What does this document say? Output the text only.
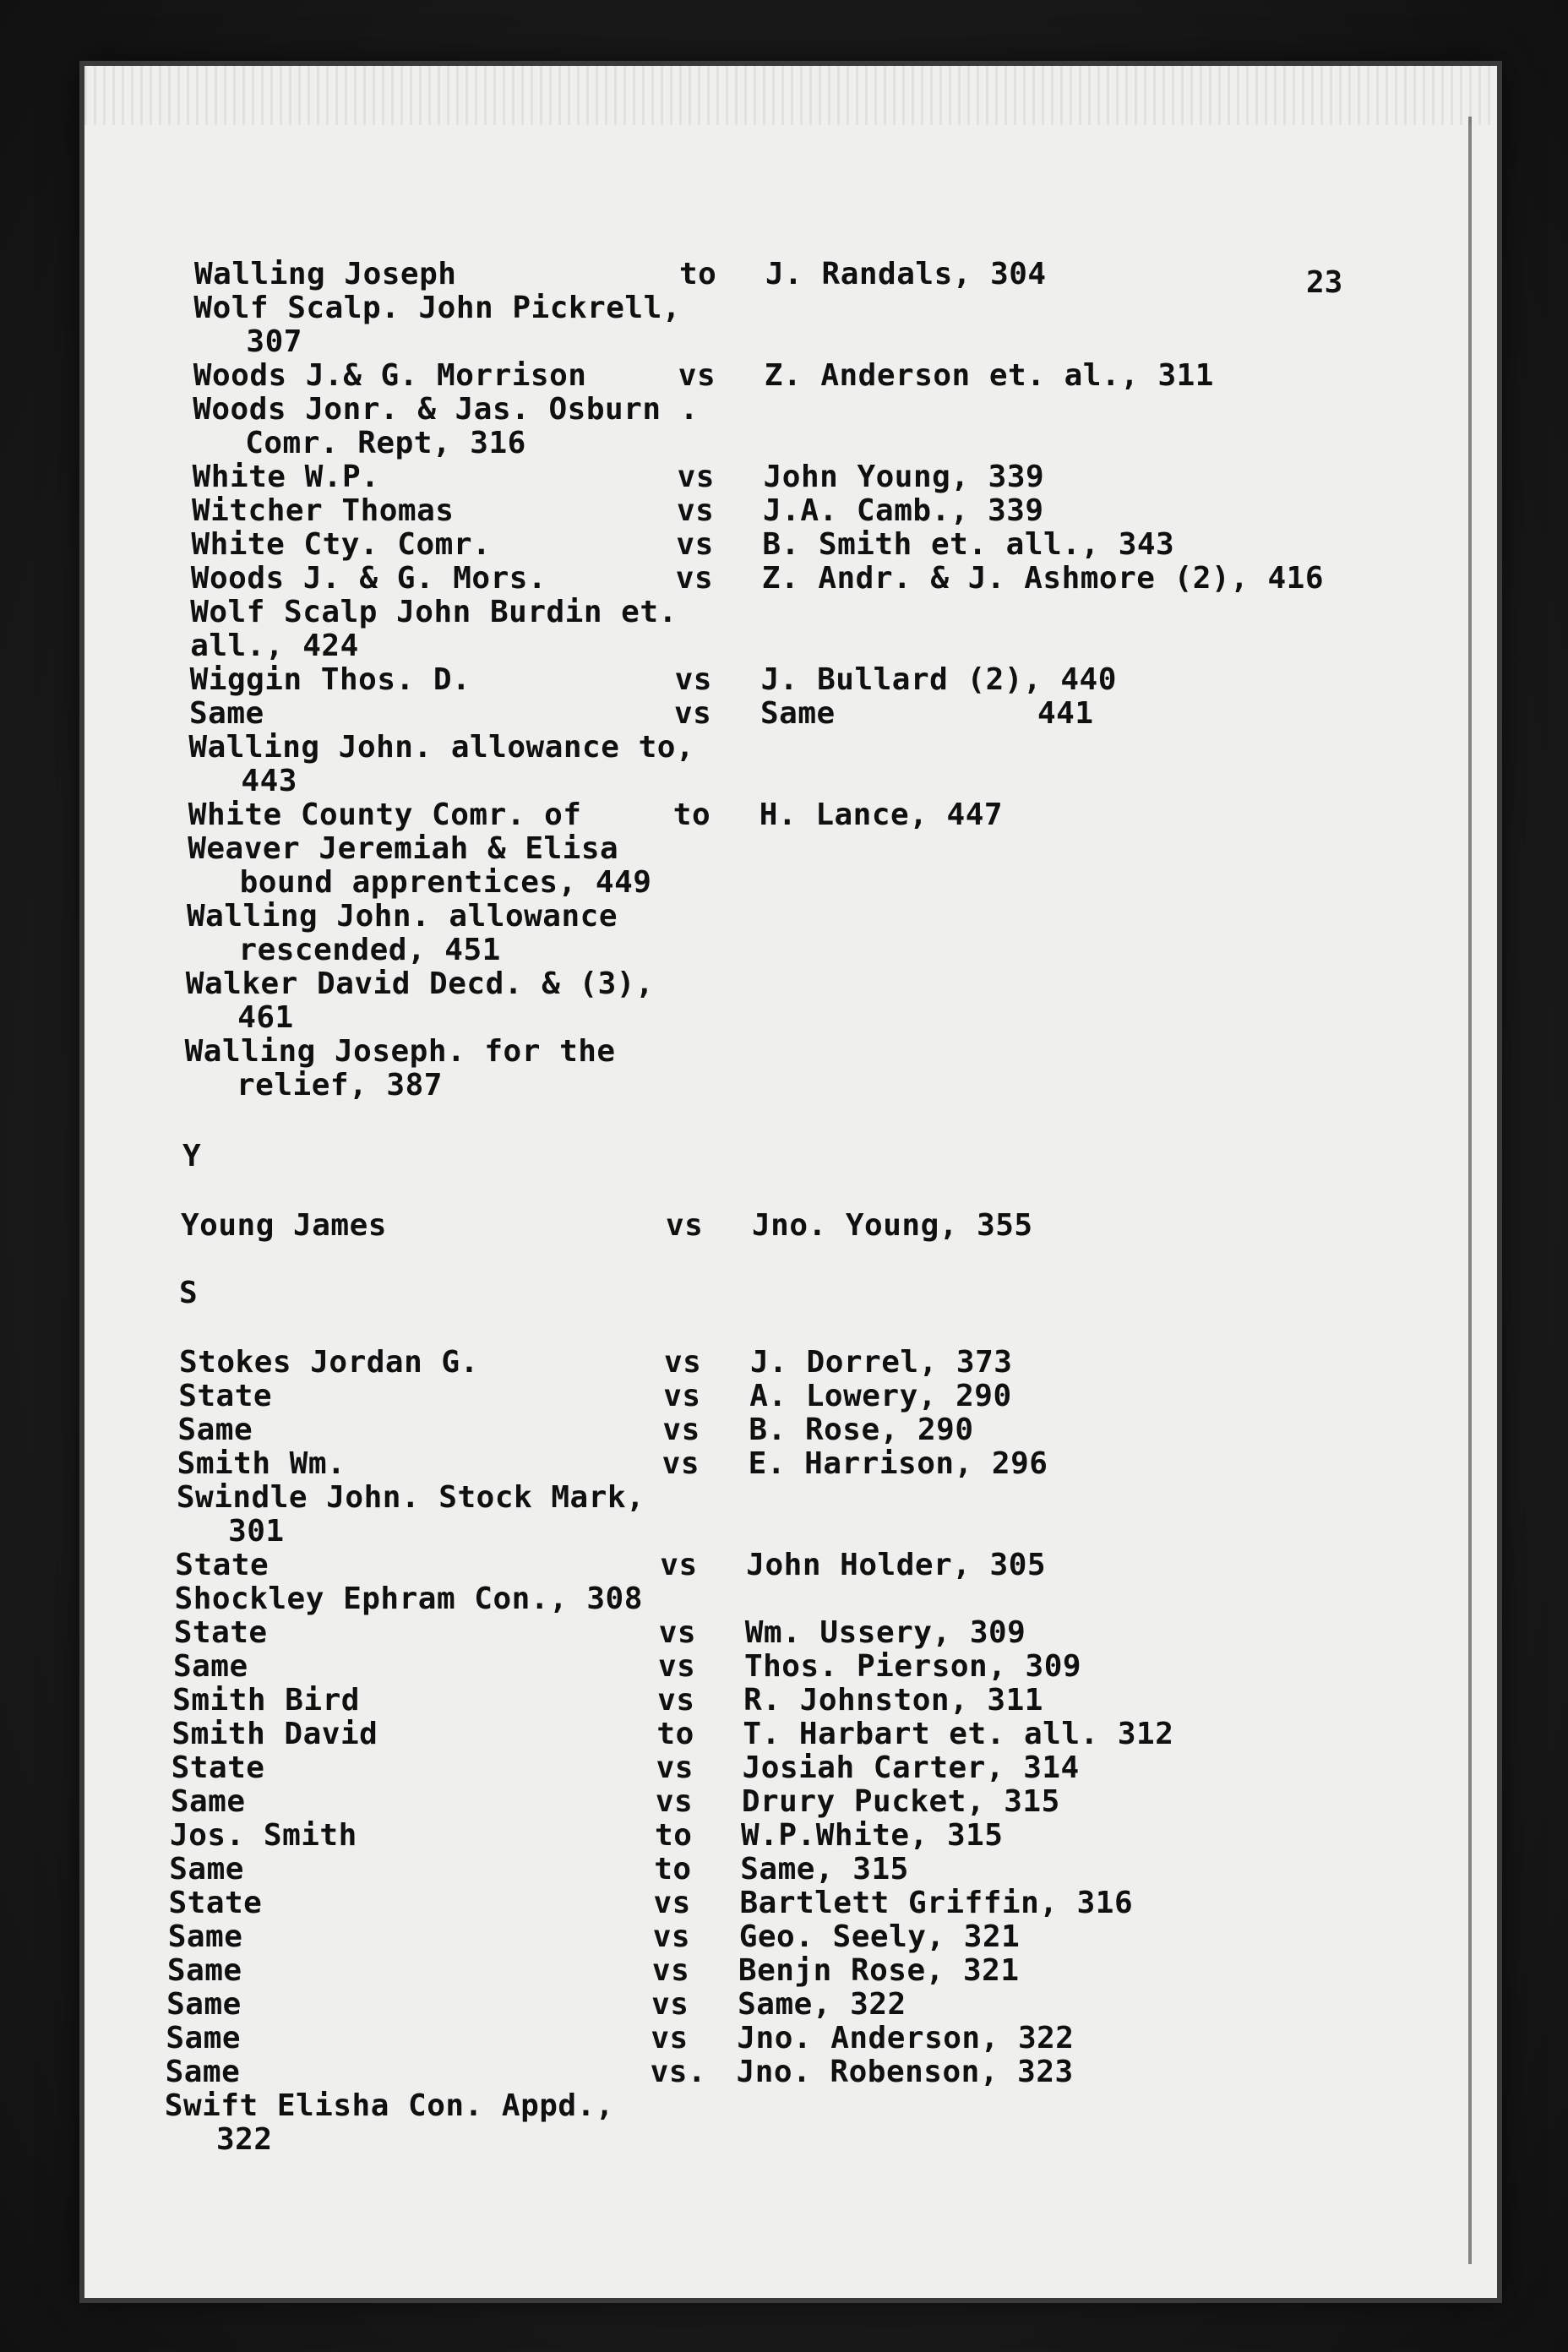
23
Walling Joseph	to J. Randals, 304
Wolf Scalp. John Pickrell,
307
Woods J.& G. Morrison	vs Z. Anderson et. al., 311
Woods Jonr. & Jas. Osburn .
Comr. Rept, 316
White W.P.	vs John Young, 339
Witcher Thomas	vs J.A. Camb., 339
White Cty. Comr.	vs B. Smith et. all., 343
Woods J. & G. Mors.	vs Z. Andr. & J. Ashmore (2), 416
Wolf Scalp John Burdin et.
all., 424
Wiggin Thos. D.	vs J. Bullard (2), 440
Same	vs Same	441
Walling John. allowance to,
443
White County Comr. of	to H. Lance, 447
Weaver Jeremiah & Elisa
bound apprentices, 449
Walling John. allowance
rescended, 451
Walker David Decd. & (3),
461
Walling Joseph. for the
relief, 387
Y
Young James	vs Jno. Young, 355
S
Stokes Jordan G.	vs J. Dorrel, 373
State	vs A. Lowery, 290
Same	vs B. Rose, 290
Smith Wm.	vs E. Harrison, 296
Swindle John. Stock Mark,
301
State	vs John Holder, 305
Shockley Ephram Con., 308
State	vs Wm. Ussery, 309
Same	vs Thos. Pierson, 309
Smith Bird	vs R. Johnston, 311
Smith David	to T. Harbart et. all. 312
State	vs Josiah Carter, 314
Same	vs Drury Pucket, 315
Jos. Smith	to W.P.White, 315
Same	to Same, 315
State	vs Bartlett Griffin, 316
Same	vs Geo. Seely, 321
Same	vs Benjn Rose, 321
Same	vs Same, 322
Same	vs Jno. Anderson, 322
Same	vs. Jno. Robenson, 323
Swift Elisha Con. Appd.,
322
